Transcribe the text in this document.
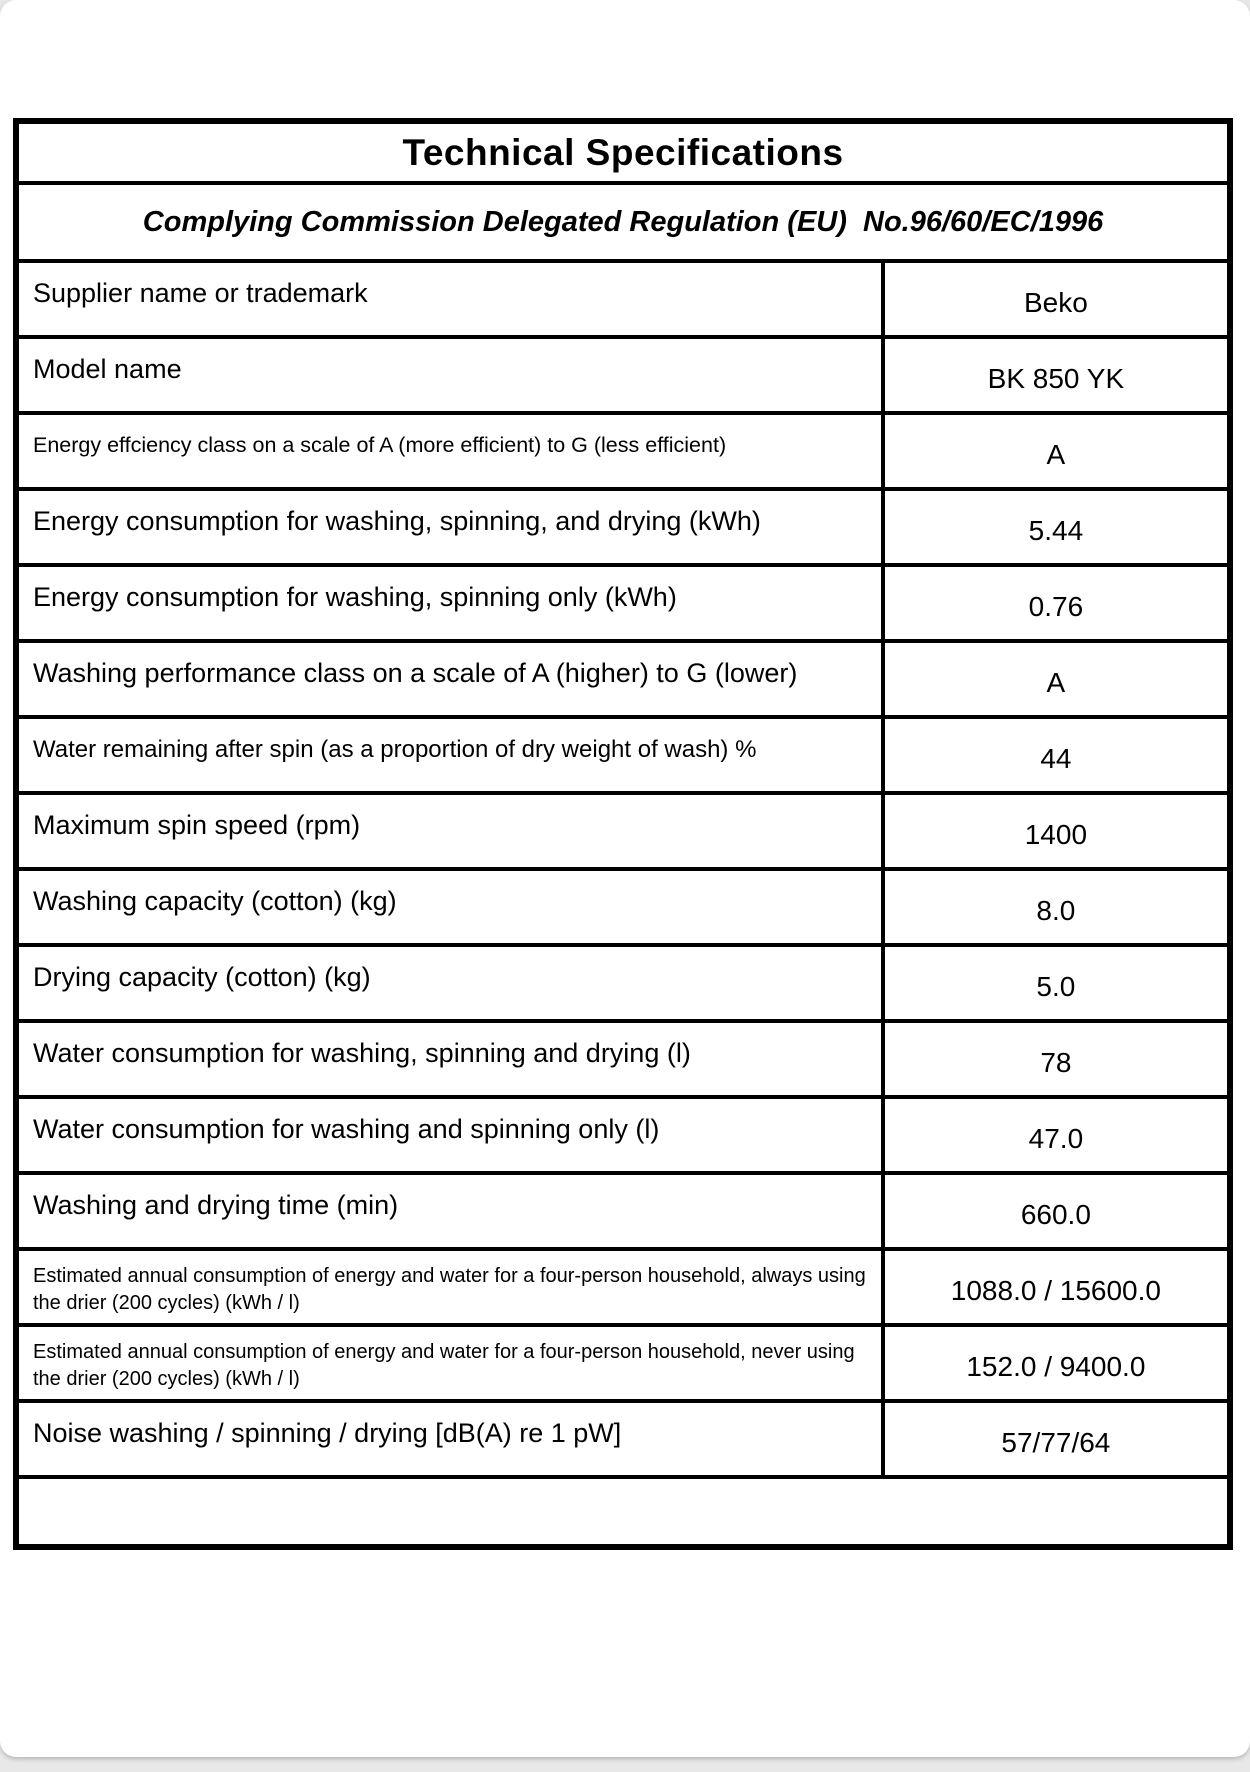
Technical Specifications	
Complying Commission Delegated Regulation (EU)  No.96/60/EC/1996	
Supplier name or trademark	Beko
Model name	BK 850 YK
Energy effciency class on a scale of A (more efficient) to G (less efficient)	A
Energy consumption for washing, spinning, and drying (kWh)	5.44
Energy consumption for washing, spinning only (kWh)	0.76
Washing performance class on a scale of A (higher) to G (lower)	A
Water remaining after spin (as a proportion of dry weight of wash) %	44
Maximum spin speed (rpm)	1400
Washing capacity (cotton) (kg)	8.0
Drying capacity (cotton) (kg)	5.0
Water consumption for washing, spinning and drying (l)	78
Water consumption for washing and spinning only (l)	47.0
Washing and drying time (min)	660.0
Estimated annual consumption of energy and water for a four-person household, always using the drier (200 cycles) (kWh / l)	1088.0 / 15600.0
Estimated annual consumption of energy and water for a four-person household, never using the drier (200 cycles) (kWh / l)	152.0 / 9400.0
Noise washing / spinning / drying [dB(A) re 1 pW]	57/77/64
